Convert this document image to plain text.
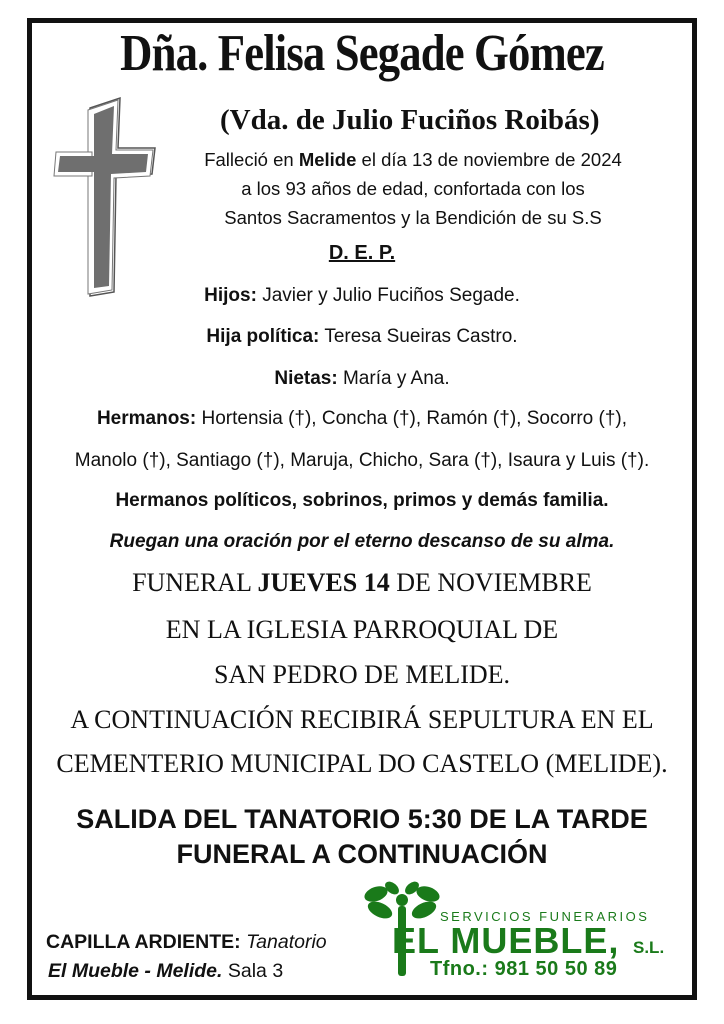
Dña. Felisa Segade Gómez
(Vda. de Julio Fuciños Roibás)
Falleció en Melide el día 13 de noviembre de 2024
a los 93 años de edad, confortada con los
Santos Sacramentos y la Bendición de su S.S
D. E. P.
Hijos: Javier y Julio Fuciños Segade.
Hija política: Teresa Sueiras Castro.
Nietas: María y Ana.
Hermanos: Hortensia (†), Concha (†), Ramón (†), Socorro (†),
Manolo (†), Santiago (†), Maruja, Chicho, Sara (†), Isaura y Luis (†).
Hermanos políticos, sobrinos, primos y demás familia.
Ruegan una oración por el eterno descanso de su alma.
FUNERAL JUEVES 14 DE NOVIEMBRE
EN LA IGLESIA PARROQUIAL DE
SAN PEDRO DE MELIDE.
A CONTINUACIÓN RECIBIRÁ SEPULTURA EN EL
CEMENTERIO MUNICIPAL DO CASTELO (MELIDE).
SALIDA DEL TANATORIO 5:30 DE LA TARDE
FUNERAL A CONTINUACIÓN
CAPILLA ARDIENTE: Tanatorio
El Mueble - Melide. Sala 3
SERVICIOS FUNERARIOS
EL MUEBLE, S.L.
Tfno.: 981 50 50 89
